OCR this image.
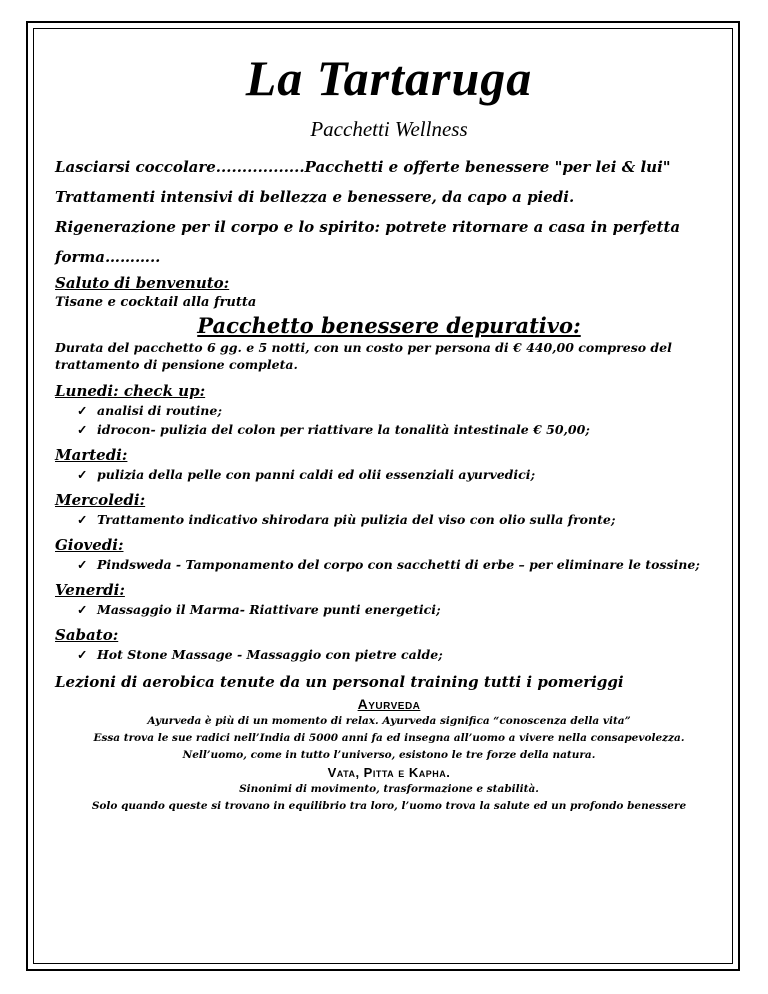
La Tartaruga

Pacchetti Wellness

Lasciarsi coccolare.................Pacchetti e offerte benessere "per lei & lui"

Trattamenti intensivi di bellezza e benessere, da capo a piedi.

Rigenerazione per il corpo e lo spirito: potrete ritornare a casa in perfetta

forma………..

Saluto di benvenuto:

Tisane e cocktail alla frutta

Pacchetto benessere depurativo:

Durata del pacchetto 6 gg. e 5 notti, con un costo per persona di € 440,00 compreso del trattamento di pensione completa.

Lunedi: check up:

✓ analisi di routine;
✓ idrocon- pulizia del colon per riattivare la tonalità intestinale € 50,00;

Martedi:

✓ pulizia della pelle con panni caldi ed olii essenziali ayurvedici;

Mercoledi:

✓ Trattamento indicativo shirodara più pulizia del viso con olio sulla fronte;

Giovedi:

✓ Pindsweda - Tamponamento del corpo con sacchetti di erbe – per eliminare le tossine;

Venerdi:

✓ Massaggio il Marma- Riattivare punti energetici;

Sabato:

✓ Hot Stone Massage - Massaggio con pietre calde;

Lezioni di aerobica tenute da un personal training tutti i pomeriggi

Ayurveda

Ayurveda è più di un momento di relax. Ayurveda significa “conoscenza della vita”

Essa trova le sue radici nell’India di 5000 anni fa ed insegna all’uomo a vivere nella consapevolezza.

Nell’uomo, come in tutto l’universo, esistono le tre forze della natura.

Vata, Pitta e Kapha.

Sinonimi di movimento, trasformazione e stabilità.

Solo quando queste si trovano in equilibrio tra loro, l’uomo trova la salute ed un profondo benessere
